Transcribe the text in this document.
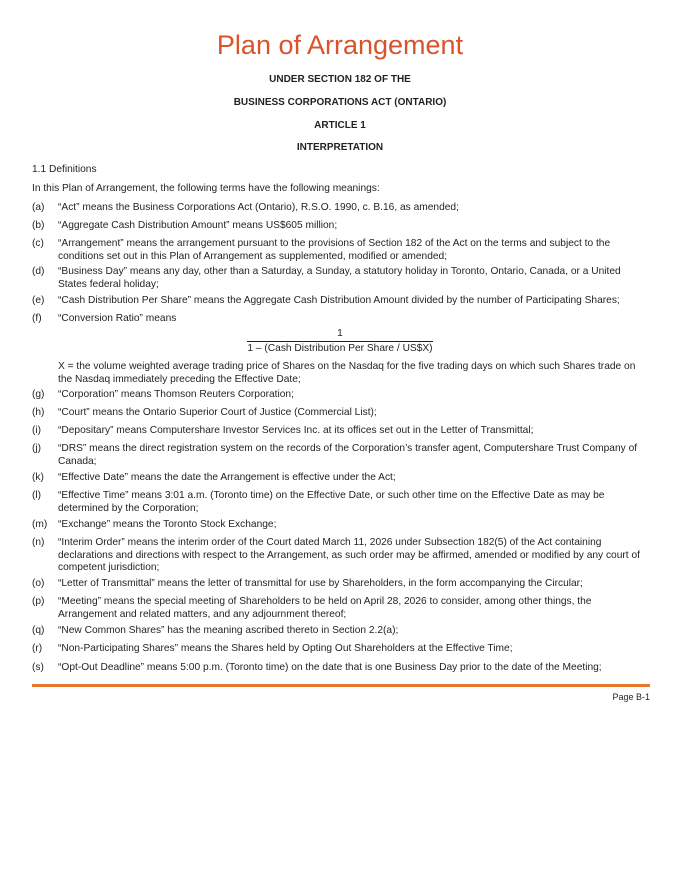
Plan of Arrangement

UNDER SECTION 182 OF THE

BUSINESS CORPORATIONS ACT (ONTARIO)

ARTICLE 1

INTERPRETATION

1.1 Definitions
In this Plan of Arrangement, the following terms have the following meanings:
(a) “Act” means the Business Corporations Act (Ontario), R.S.O. 1990, c. B.16, as amended;
(b) “Aggregate Cash Distribution Amount” means US$605 million;
(c) “Arrangement” means the arrangement pursuant to the provisions of Section 182 of the Act on the terms and subject to the conditions set out in this Plan of Arrangement as supplemented, modified or amended;
(d) “Business Day” means any day, other than a Saturday, a Sunday, a statutory holiday in Toronto, Ontario, Canada, or a United States federal holiday;
(e) “Cash Distribution Per Share” means the Aggregate Cash Distribution Amount divided by the number of Participating Shares;
(f) “Conversion Ratio” means
$\frac{1}{\text{1 – (Cash Distribution Per Share / US\$X)}}$
X = the volume weighted average trading price of Shares on the Nasdaq for the five trading days on which such Shares trade on the Nasdaq immediately preceding the Effective Date;
(g) “Corporation” means Thomson Reuters Corporation;
(h) “Court” means the Ontario Superior Court of Justice (Commercial List);
(i) “Depositary” means Computershare Investor Services Inc. at its offices set out in the Letter of Transmittal;
(j) “DRS” means the direct registration system on the records of the Corporation’s transfer agent, Computershare Trust Company of Canada;
(k) “Effective Date” means the date the Arrangement is effective under the Act;
(l) “Effective Time” means 3:01 a.m. (Toronto time) on the Effective Date, or such other time on the Effective Date as may be determined by the Corporation;
(m) “Exchange” means the Toronto Stock Exchange;
(n) “Interim Order” means the interim order of the Court dated March 11, 2026 under Subsection 182(5) of the Act containing declarations and directions with respect to the Arrangement, as such order may be affirmed, amended or modified by any court of competent jurisdiction;
(o) “Letter of Transmittal” means the letter of transmittal for use by Shareholders, in the form accompanying the Circular;
(p) “Meeting” means the special meeting of Shareholders to be held on April 28, 2026 to consider, among other things, the Arrangement and related matters, and any adjournment thereof;
(q) “New Common Shares” has the meaning ascribed thereto in Section 2.2(a);
(r) “Non-Participating Shares” means the Shares held by Opting Out Shareholders at the Effective Time;
(s) “Opt-Out Deadline” means 5:00 p.m. (Toronto time) on the date that is one Business Day prior to the date of the Meeting;
Page B-1
